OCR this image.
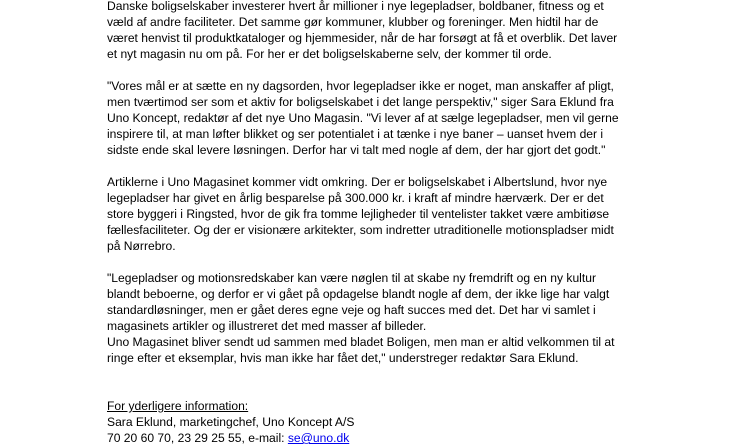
Danske boligselskaber investerer hvert år millioner i nye legepladser, boldbaner, fitness og et

væld af andre faciliteter. Det samme gør kommuner, klubber og foreninger. Men hidtil har de

været henvist til produktkataloger og hjemmesider, når de har forsøgt at få et overblik. Det laver

et nyt magasin nu om på. For her er det boligselskaberne selv, der kommer til orde.

"Vores mål er at sætte en ny dagsorden, hvor legepladser ikke er noget, man anskaffer af pligt,

men tværtimod ser som et aktiv for boligselskabet i det lange perspektiv," siger Sara Eklund fra

Uno Koncept, redaktør af det nye Uno Magasin. "Vi lever af at sælge legepladser, men vil gerne

inspirere til, at man løfter blikket og ser potentialet i at tænke i nye baner – uanset hvem der i

sidste ende skal levere løsningen. Derfor har vi talt med nogle af dem, der har gjort det godt."

Artiklerne i Uno Magasinet kommer vidt omkring. Der er boligselskabet i Albertslund, hvor nye

legepladser har givet en årlig besparelse på 300.000 kr. i kraft af mindre hærværk. Der er det

store byggeri i Ringsted, hvor de gik fra tomme lejligheder til ventelister takket være ambitiøse

fællesfaciliteter. Og der er visionære arkitekter, som indretter utraditionelle motionspladser midt

på Nørrebro.

"Legepladser og motionsredskaber kan være nøglen til at skabe ny fremdrift og en ny kultur

blandt beboerne, og derfor er vi gået på opdagelse blandt nogle af dem, der ikke lige har valgt

standardløsninger, men er gået deres egne veje og haft succes med det. Det har vi samlet i

magasinets artikler og illustreret det med masser af billeder.

Uno Magasinet bliver sendt ud sammen med bladet Boligen, men man er altid velkommen til at

ringe efter et eksemplar, hvis man ikke har fået det," understreger redaktør Sara Eklund.

For yderligere information:

Sara Eklund, marketingchef, Uno Koncept A/S

70 20 60 70, 23 29 25 55, e-mail: se@uno.dk
